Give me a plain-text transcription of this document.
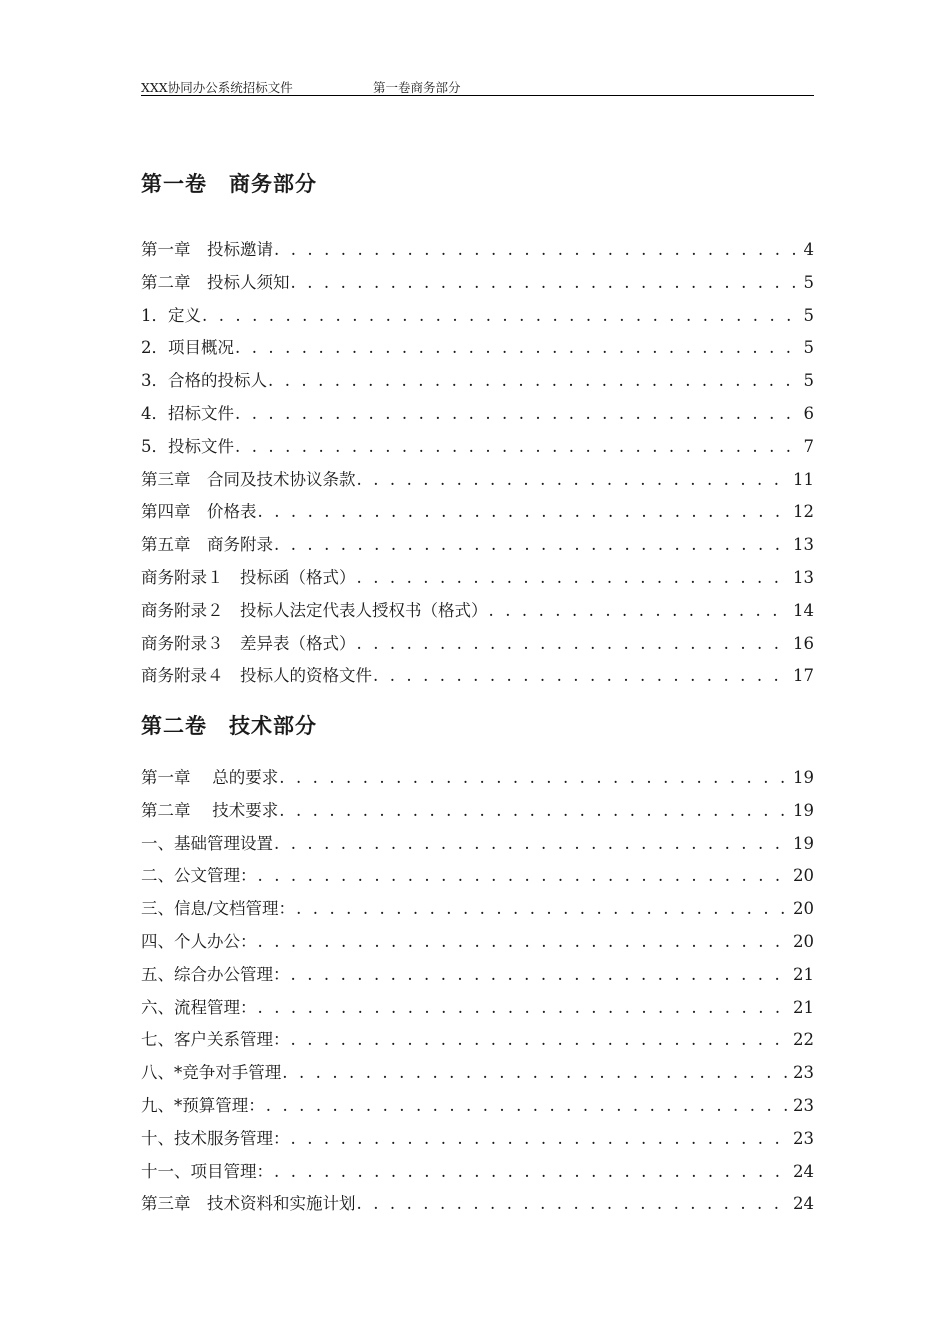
XXX协同办公系统招标文件	第一卷商务部分
第一卷　商务部分
第一章　投标邀请 . . .	4
第二章　投标人须知 . . .	5
1．定义 . . .	5
2．项目概况 . . .	5
3．合格的投标人 . . .	5
4．招标文件 . . .	6
5．投标文件 . . .	7
第三章　合同及技术协议条款 . . .	11
第四章　价格表 . . .	12
第五章　商务附录 . . .	13
商务附录１　投标函（格式） . . .	13
商务附录２　投标人法定代表人授权书（格式） . . .	14
商务附录３　差异表（格式） . . .	16
商务附录４　投标人的资格文件 . . .	17
第二卷　技术部分
第一章　 总的要求 . . .	19
第二章　 技术要求 . . .	19
一、基础管理设置 . . .	19
二、公文管理： . . .	20
三、信息/文档管理： . . .	20
四、个人办公： . . .	20
五、综合办公管理： . . .	21
六、流程管理： . . .	21
七、客户关系管理： . . .	22
八、*竞争对手管理 . . .	23
九、*预算管理： . . .	23
十、技术服务管理： . . .	23
十一、项目管理： . . .	24
第三章　技术资料和实施计划 . . .	24
